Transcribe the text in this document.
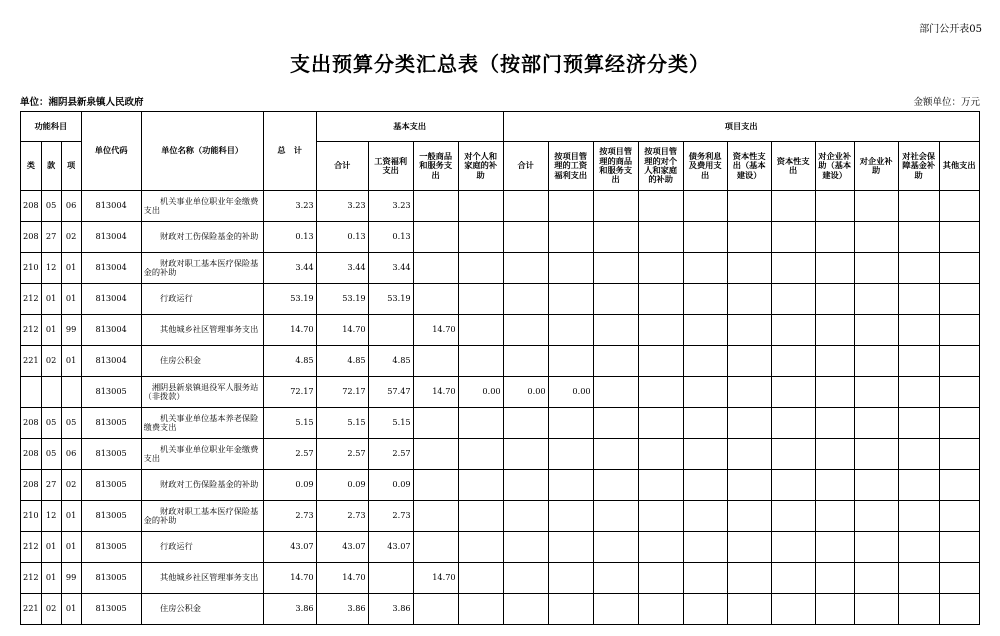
部门公开表05
支出预算分类汇总表（按部门预算经济分类）
单位：湘阴县新泉镇人民政府	金额单位：万元
功能科目			单位代码	单位名称（功能科目）	总　计	基本支出				项目支出										
类	款	项				合计	工资福利支出	一般商品和服务支出	对个人和家庭的补助	合计	按项目管理的工资福利支出	按项目管理的商品和服务支出	按项目管理的对个人和家庭的补助	债务利息及费用支出	资本性支出（基本建设）	资本性支出	对企业补助（基本建设）	对企业补助	对社会保障基金补助	其他支出
208	05	06	813004	　　机关事业单位职业年金缴费支出	3.23	3.23	3.23													
208	27	02	813004	　　财政对工伤保险基金的补助	0.13	0.13	0.13													
210	12	01	813004	　　财政对职工基本医疗保险基金的补助	3.44	3.44	3.44													
212	01	01	813004	　　行政运行	53.19	53.19	53.19													
212	01	99	813004	　　其他城乡社区管理事务支出	14.70	14.70		14.70												
221	02	01	813004	　　住房公积金	4.85	4.85	4.85													
			813005	　湘阴县新泉镇退役军人服务站（非拨款）	72.17	72.17	57.47	14.70	0.00	0.00	0.00									
208	05	05	813005	　　机关事业单位基本养老保险缴费支出	5.15	5.15	5.15													
208	05	06	813005	　　机关事业单位职业年金缴费支出	2.57	2.57	2.57													
208	27	02	813005	　　财政对工伤保险基金的补助	0.09	0.09	0.09													
210	12	01	813005	　　财政对职工基本医疗保险基金的补助	2.73	2.73	2.73													
212	01	01	813005	　　行政运行	43.07	43.07	43.07													
212	01	99	813005	　　其他城乡社区管理事务支出	14.70	14.70		14.70												
221	02	01	813005	　　住房公积金	3.86	3.86	3.86													
